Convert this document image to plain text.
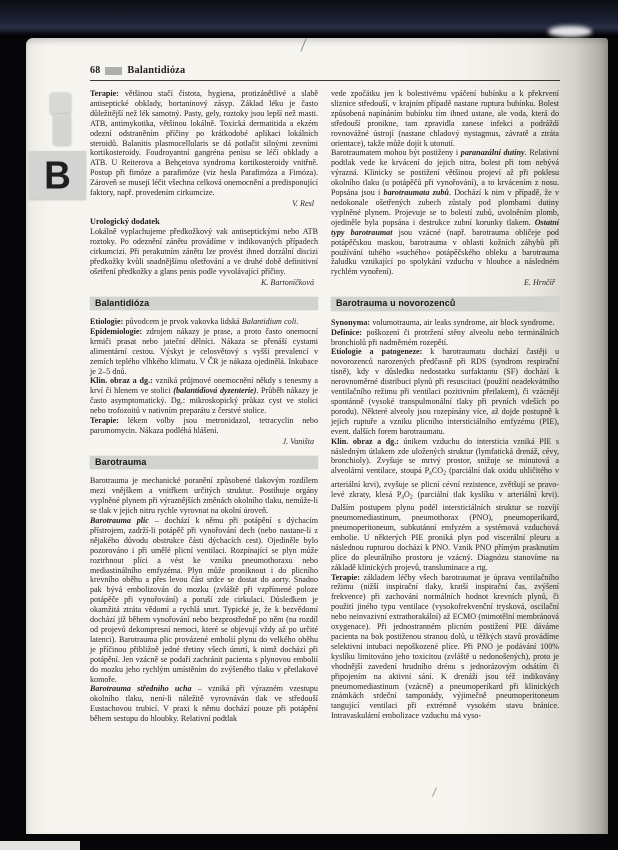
68	Balantidióza

Terapie: většinou stačí čistota, hygiena, protizánětlivé a slabě antiseptické obklady, bortaninový zásyp. Základ léku je často důležitější než lék samotný. Pasty, gely, roztoky jsou lepší než masti. ATB, antimykotika, většinou lokálně. Toxická dermatitida a ekzém odezní odstraněním příčiny po krátkodobé aplikaci lokálních steroidů. Balanitis plasmocellularis se dá potlačit silnými zevními kortikosteroidy. Foudroyantní gangréna penisu se léčí obklady a ATB. U Reiterova a Behçetova syndroma kortikosteroidy vnitřně. Postup při fimóze a parafimóze (viz hesla Parafimóza a Fimóza). Zároveň se musejí léčit všechna celková onemocnění a predisponující faktory, např. provedením cirkumcize.

V. Resl
Urologický dodatek

Lokálně vyplachujeme předkožkový vak antiseptickými nebo ATB roztoky. Po odeznění zánětu provádíme v indikovaných případech cirkumcizi. Při perakutním zánětu lze provést ihned dorzální discizi předkožky kvůli snadnějšímu ošetřování a ve druhé době definitivní ošetření předkožky a glans penis podle vyvolávající příčiny.

K. Bartoníčková
Balantidióza

Etiologie: původcem je prvok vakovka lidská Balantidium coli.

Epidemiologie: zdrojem nákazy je prase, a proto často onemocní krmiči prasat nebo jateční dělníci. Nákaza se přenáší cystami alimentární cestou. Výskyt je celosvětový s vyšší prevalencí v zemích teplého vlhkého klimatu. V ČR je nákaza ojedinělá. Inkubace je 2–5 dnů.

Klin. obraz a dg.: vzniká průjmové onemocnění někdy s tenesmy a krví či hlenem ve stolici (balantidiová dyzenterie). Průběh nákazy je často asymptomatický. Dg.: mikroskopický průkaz cyst ve stolici nebo trofozoitů v nativním preparátu z čerstvé stolice.

Terapie: lékem volby jsou metronidazol, tetracyclin nebo paromomycin. Nákaza podléhá hlášení.

J. Vaništa
Barotrauma

Barotrauma je mechanické poranění způsobené tlakovým rozdílem mezi vnějškem a vnitřkem určitých struktur. Postihuje orgány vyplněné plynem při výraznějších změnách okolního tlaku, nemůže-li se tlak v jejich nitru rychle vyrovnat na okolní úroveň.

Barotrauma plic – dochází k němu při potápění s dýchacím přístrojem, zadrží-li potápěč při vynořování dech (nebo nastane-li z nějakého důvodu obstrukce části dýchacích cest). Ojediněle bylo pozorováno i při umělé plicní ventilaci. Rozpínající se plyn může roztrhnout plíci a vést ke vzniku pneumothoraxu nebo mediastinálního emfyzéma. Plyn může proniknout i do plicního krevního oběhu a přes levou část srdce se dostat do aorty. Snadno pak bývá embolizován do mozku (zvláště při vzpřímené poloze potápěče při vynořování) a poruší zde cirkulaci. Důsledkem je okamžitá ztráta vědomí a rychlá smrt. Typické je, že k bezvědomí dochází již během vynořování nebo bezprostředně po něm (na rozdíl od projevů dekompresní nemoci, které se objevují vždy až po určité latenci). Barotrauma plic provázené embolií plynu do velkého oběhu je příčinou přibližně jedné třetiny všech úmrtí, k nimž dochází při potápění. Jen vzácně se podaří zachránit pacienta s plynovou embolií do mozku jeho rychlým umístěním do zvýšeného tlaku v přetlakové komoře.

Barotrauma středního ucha – vzniká při výrazném vzestupu okolního tlaku, není-li náležitě vyrovnáván tlak ve středouší Eustachovou trubicí. V praxi k němu dochází pouze při potápění během sestupu do hloubky. Relativní podtlak

vede zpočátku jen k bolestivému vpáčení bubínku a k překrvení sliznice středouší, v krajním případě nastane ruptura bubínku. Bolest způsobená napínáním bubínku tím ihned ustane, ale voda, která do středouší pronikne, tam zpravidla zanese infekci a podráždí rovnovážné ústrojí (nastane chladový nystagmus, závratě a ztráta orientace), takže může dojít k utonutí.

Barotraumatem mohou být postiženy i paranazální dutiny. Relativní podtlak vede ke krvácení do jejich nitra, bolest při tom nebývá výrazná. Klinicky se postižení většinou projeví až při poklesu okolního tlaku (u potápěčů při vynořování), a to krvácením z nosu. Popsána jsou i barotraumata zubů. Dochází k nim v případě, že v nedokonale ošetřených zubech zůstaly pod plombami dutiny vyplněné plynem. Projevuje se to bolestí zubů, uvolněním plomb, ojediněle byla popsána i destrukce zubní korunky tlakem. Ostatní typy barotraumat jsou vzácné (např. barotrauma obličeje pod potápěčskou maskou, barotrauma v oblasti kožních záhybů při používání tuhého »suchého« potápěčského obleku a barotrauma žaludku vznikající po spolykání vzduchu v hloubce a následném rychlém vynoření).

E. Hrnčíř
Barotrauma u novorozenců

Synonyma: volumotrauma, air leaks syndrome, air block syndrome.

Definice: poškození či protržení stěny alveolu nebo terminálních bronchiolů při nadměrném rozepětí.

Etiologie a patogeneze: k barotraumatu dochází častěji u novorozenců narozených předčasně při RDS (syndrom respirační tísně), kdy v důsledku nedostatku surfaktantu (SF) dochází k nerovnoměrné distribuci plynů při resuscitaci (použití neadekvátního ventilačního režimu při ventilaci pozitivním přetlakem), či vzácněji spontánně (vysoké transpulmonální tlaky při prvních vdeších po porodu). Některé alveoly jsou rozepínány více, až dojde postupně k jejich ruptuře a vzniku plicního intersticiálního emfyzému (PIE), event. dalších forem barotraumatu.

Klin. obraz a dg.: únikem vzduchu do intersticia vzniká PIE s následným útlakem zde uložených struktur (lymfatická drenáž, cévy, bronchioly). Zvyšuje se mrtvý prostor, snižuje se minutová a alveolární ventilace, stoupá PaCO2 (parciální tlak oxidu uhličitého v arteriální krvi), zvyšuje se plicní cévní rezistence, zvětšují se pravo-levé zkraty, klesá PaO2 (parciální tlak kyslíku v arteriální krvi). Dalším postupem plynu podél intersticiálních struktur se rozvíjí pneumomediastinum, pneumothorax (PNO), pneumoperikard, pneumoperitoneum, subkutánní emfyzém a systémová vzduchová embolie. U některých PIE proniká plyn pod viscerální pleuru a následnou rupturou dochází k PNO. Vznik PNO přímým prasknutím plíce do pleurálního prostoru je vzácný. Diagnózu stanovíme na základě klinických projevů, transluminace a rtg.

Terapie: základem léčby všech barotraumat je úprava ventilačního režimu (nižší inspirační tlaky, kratší inspirační čas, zvýšení frekvence) při zachování normálních hodnot krevních plynů, či použití jiného typu ventilace (vysokofrekvenční trysková, oscilační nebo neinvazivní extrathorakální) až ECMO (mimotělní membránová oxygenace). Při jednostranném plicním postižení PIE dáváme pacienta na bok postiženou stranou dolů, u těžkých stavů provádíme selektivní intubaci nepoškozené plíce. Při PNO je podávání 100% kyslíku limitováno jeho toxicitou (zvláště u nedonošených), proto je vhodnější zavedení hrudního drénu s jednorázovým odsátím či připojením na aktivní sání. K drenáži jsou též indikovány pneumomediastinum (vzácně) a pneumoperikard při klinických známkách srdeční tamponády, výjimečně pneumoperitoneum tangující ventilaci při extrémně vysokém stavu bránice. Intravaskulární embolizace vzduchu má vyso-

B
